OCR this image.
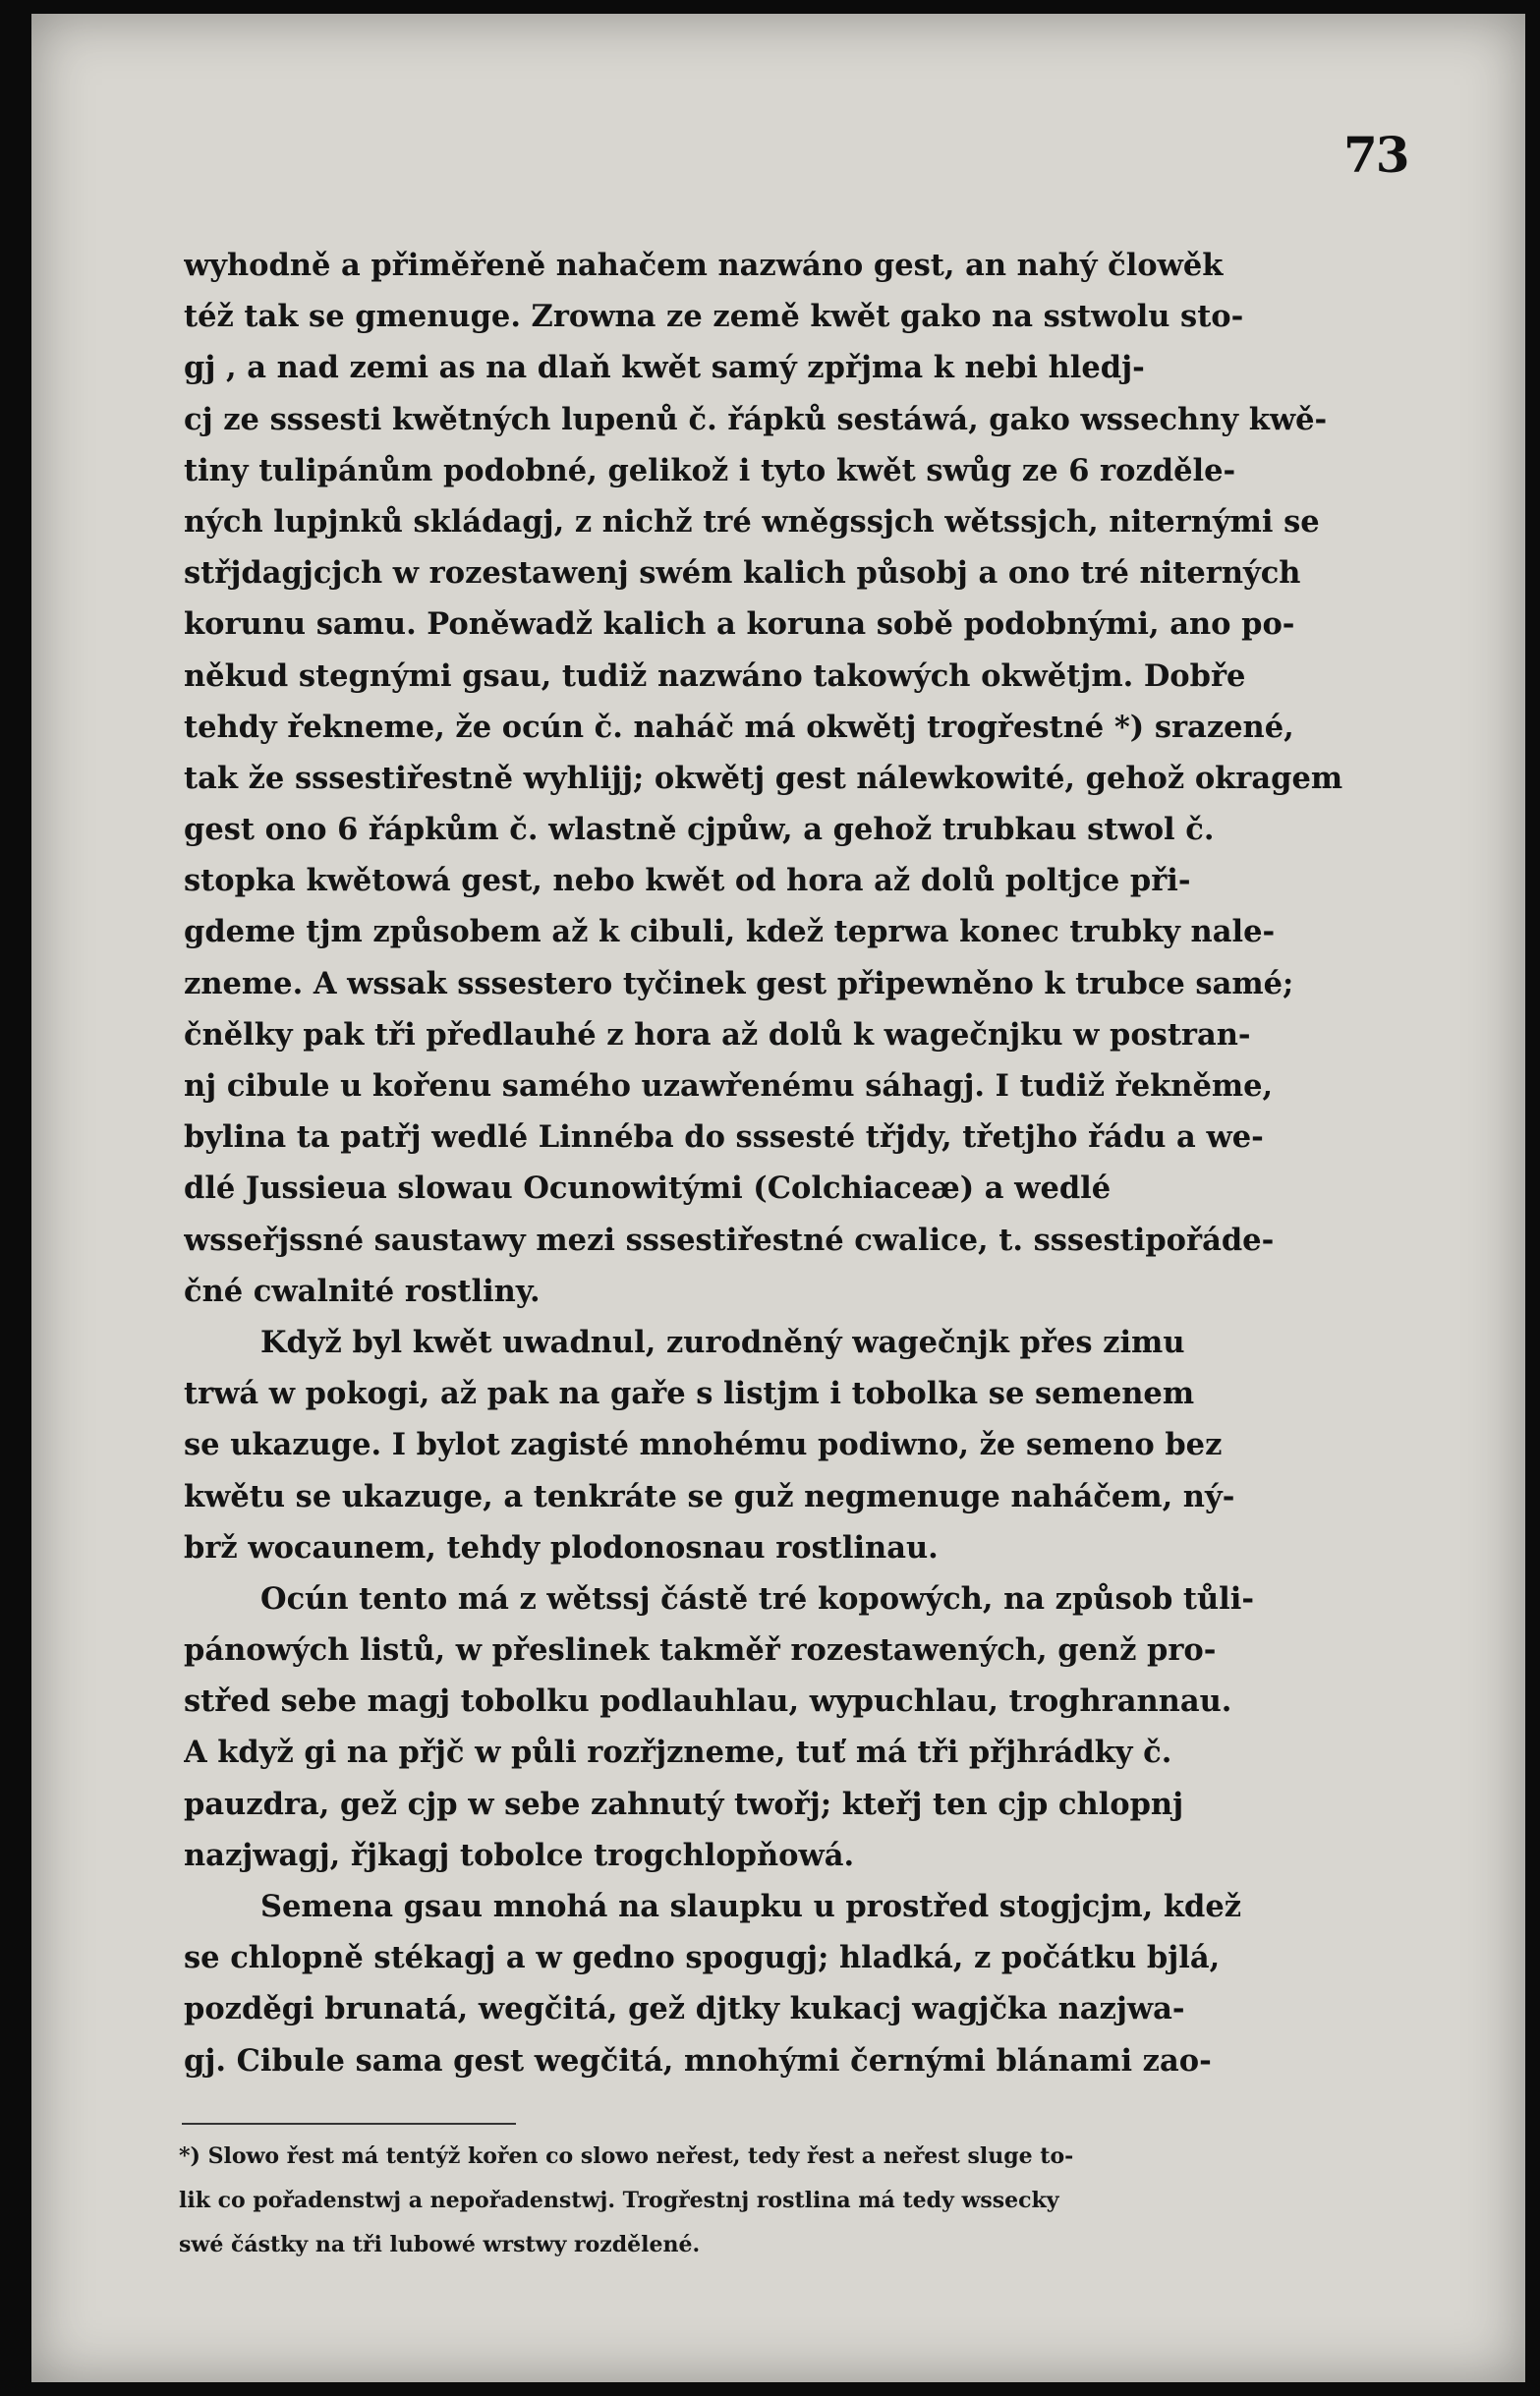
73
wyhodně a přiměřeně nahačem nazwáno gest, an nahý člowěk
též tak se gmenuge. Zrowna ze země kwět gako na sstwolu sto-
gj , a nad zemi as na dlaň kwět samý zpřjma k nebi hledj-
cj ze sssesti kwětných lupenů č. řápků sestáwá, gako wssechny kwě-
tiny tulipánům podobné, gelikož i tyto kwět swůg ze 6 rozděle-
ných lupjnků skládagj, z nichž tré wněgssjch wětssjch, niternými se
střjdagjcjch w rozestawenj swém kalich působj a ono tré niterných
korunu samu. Poněwadž kalich a koruna sobě podobnými, ano po-
někud stegnými gsau, tudiž nazwáno takowých okwětjm. Dobře
tehdy řekneme, že ocún č. naháč má okwětj trogřestné *) srazené,
tak že sssestiřestně wyhlijj; okwětj gest nálewkowité, gehož okragem
gest ono 6 řápkům č. wlastně cjpůw, a gehož trubkau stwol č.
stopka kwětowá gest, nebo kwět od hora až dolů poltjce při-
gdeme tjm způsobem až k cibuli, kdež teprwa konec trubky nale-
zneme. A wssak sssestero tyčinek gest připewněno k trubce samé;
čnělky pak tři předlauhé z hora až dolů k wagečnjku w postran-
nj cibule u kořenu samého uzawřenému sáhagj. I tudiž řekněme,
bylina ta patřj wedlé Linnéba do sssesté třjdy, třetjho řádu a we-
dlé Jussieua slowau Ocunowitými (Colchiaceæ) a wedlé
wsseřjssné saustawy mezi sssestiřestné cwalice, t. sssestipořáde-
čné cwalnité rostliny.
Když byl kwět uwadnul, zurodněný wagečnjk přes zimu
trwá w pokogi, až pak na gaře s listjm i tobolka se semenem
se ukazuge. I bylot zagisté mnohému podiwno, že semeno bez
kwětu se ukazuge, a tenkráte se guž negmenuge naháčem, ný-
brž wocaunem, tehdy plodonosnau rostlinau.
Ocún tento má z wětssj částě tré kopowých, na způsob tůli-
pánowých listů, w přeslinek takměř rozestawených, genž pro-
střed sebe magj tobolku podlauhlau, wypuchlau, troghrannau.
A když gi na přjč w půli rozřjzneme, tuť má tři přjhrádky č.
pauzdra, gež cjp w sebe zahnutý twořj; kteřj ten cjp chlopnj
nazjwagj, řjkagj tobolce trogchlopňowá.
Semena gsau mnohá na slaupku u prostřed stogjcjm, kdež
se chlopně stékagj a w gedno spogugj; hladká, z počátku bjlá,
pozděgi brunatá, wegčitá, gež djtky kukacj wagjčka nazjwa-
gj. Cibule sama gest wegčitá, mnohými černými blánami zao-
*) Slowo řest má tentýž kořen co slowo neřest, tedy řest a neřest sluge to-
lik co pořadenstwj a nepořadenstwj. Trogřestnj rostlina má tedy wssecky
swé částky na tři lubowé wrstwy rozdělené.
